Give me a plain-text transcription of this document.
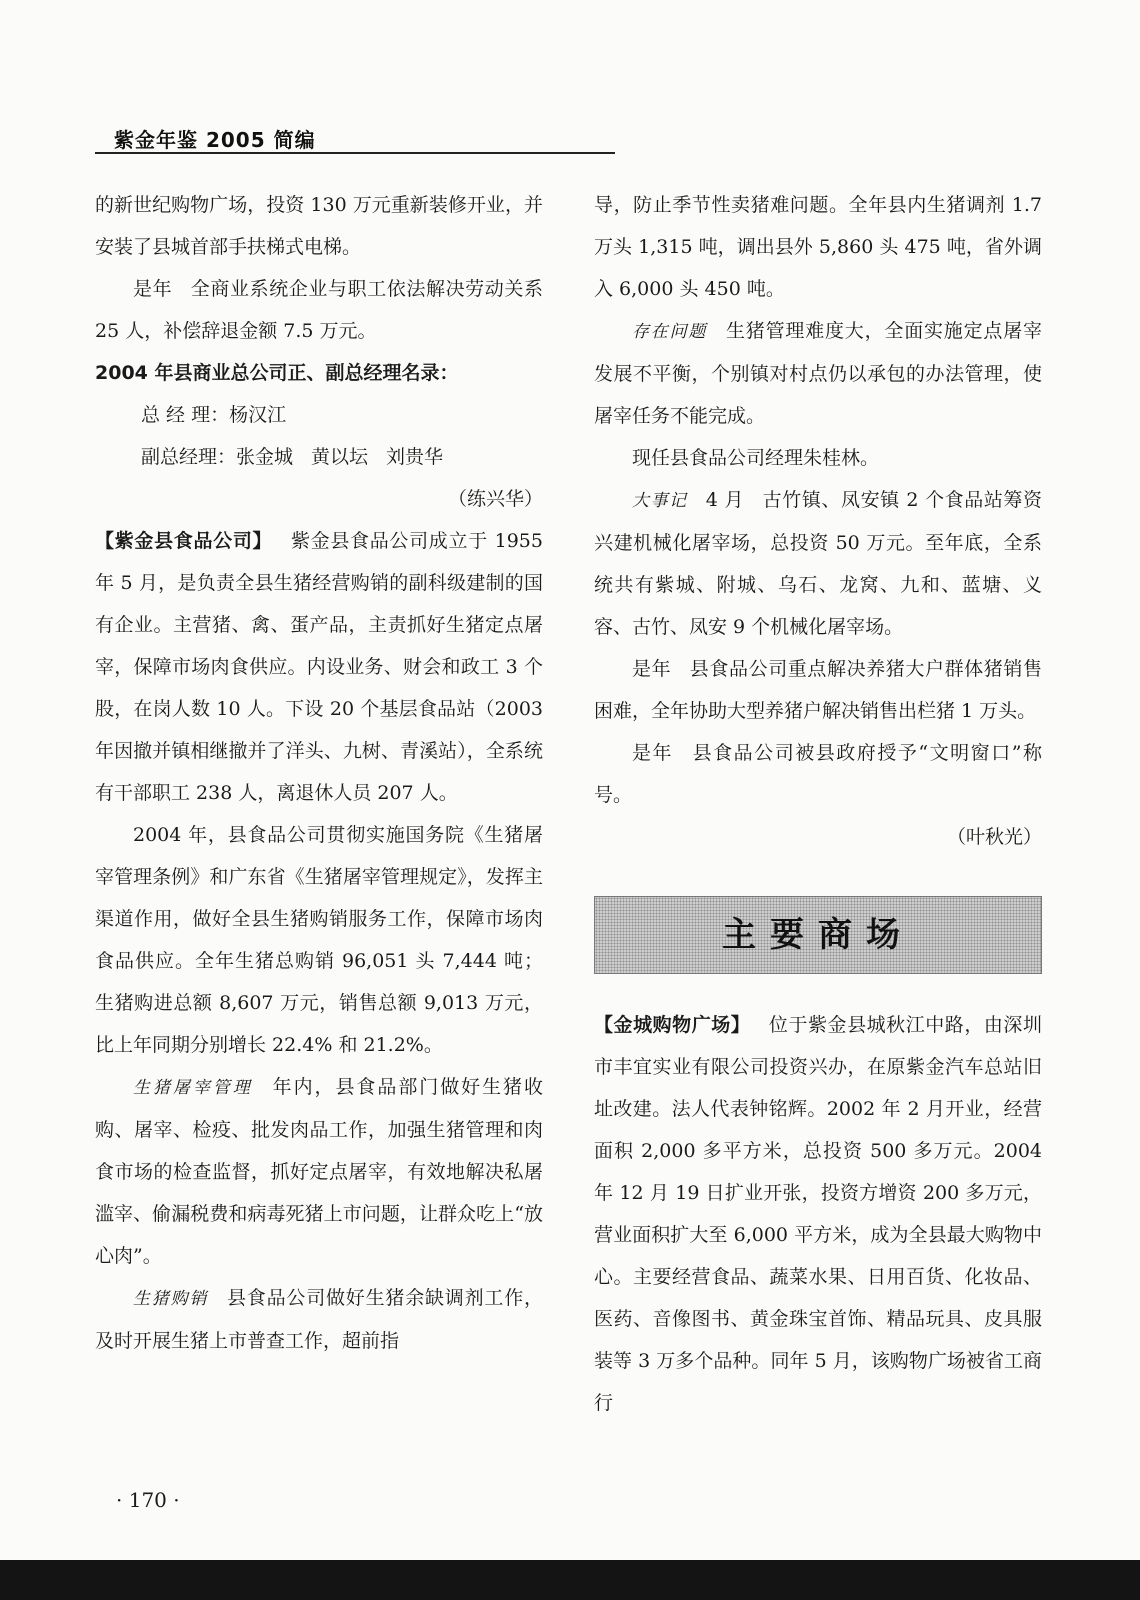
紫金年鉴 2005 简编

的新世纪购物广场，投资 130 万元重新装修开业，并安装了县城首部手扶梯式电梯。

是年 全商业系统企业与职工依法解决劳动关系 25 人，补偿辞退金额 7.5 万元。

2004 年县商业总公司正、副总经理名录：

总 经 理：杨汉江

副总经理：张金城 黄以坛 刘贵华

（练兴华）

【紫金县食品公司】 紫金县食品公司成立于 1955 年 5 月，是负责全县生猪经营购销的副科级建制的国有企业。主营猪、禽、蛋产品，主责抓好生猪定点屠宰，保障市场肉食供应。内设业务、财会和政工 3 个股，在岗人数 10 人。下设 20 个基层食品站（2003 年因撤并镇相继撤并了洋头、九树、青溪站），全系统有干部职工 238 人，离退休人员 207 人。

2004 年，县食品公司贯彻实施国务院《生猪屠宰管理条例》和广东省《生猪屠宰管理规定》，发挥主渠道作用，做好全县生猪购销服务工作，保障市场肉食品供应。全年生猪总购销 96,051 头 7,444 吨；生猪购进总额 8,607 万元，销售总额 9,013 万元，比上年同期分别增长 22.4% 和 21.2%。

生猪屠宰管理 年内，县食品部门做好生猪收购、屠宰、检疫、批发肉品工作，加强生猪管理和肉食市场的检查监督，抓好定点屠宰，有效地解决私屠滥宰、偷漏税费和病毒死猪上市问题，让群众吃上“放心肉”。

生猪购销 县食品公司做好生猪余缺调剂工作，及时开展生猪上市普查工作，超前指

导，防止季节性卖猪难问题。全年县内生猪调剂 1.7 万头 1,315 吨，调出县外 5,860 头 475 吨，省外调入 6,000 头 450 吨。

存在问题 生猪管理难度大，全面实施定点屠宰发展不平衡，个别镇对村点仍以承包的办法管理，使屠宰任务不能完成。

现任县食品公司经理朱桂林。

大事记 4 月 古竹镇、凤安镇 2 个食品站筹资兴建机械化屠宰场，总投资 50 万元。至年底，全系统共有紫城、附城、乌石、龙窝、九和、蓝塘、义容、古竹、凤安 9 个机械化屠宰场。

是年 县食品公司重点解决养猪大户群体猪销售困难，全年协助大型养猪户解决销售出栏猪 1 万头。

是年 县食品公司被县政府授予“文明窗口”称号。

（叶秋光）

主要商场

【金城购物广场】 位于紫金县城秋江中路，由深圳市丰宜实业有限公司投资兴办，在原紫金汽车总站旧址改建。法人代表钟铭辉。2002 年 2 月开业，经营面积 2,000 多平方米，总投资 500 多万元。2004 年 12 月 19 日扩业开张，投资方增资 200 多万元，营业面积扩大至 6,000 平方米，成为全县最大购物中心。主要经营食品、蔬菜水果、日用百货、化妆品、医药、音像图书、黄金珠宝首饰、精品玩具、皮具服装等 3 万多个品种。同年 5 月，该购物广场被省工商行

· 170 ·
